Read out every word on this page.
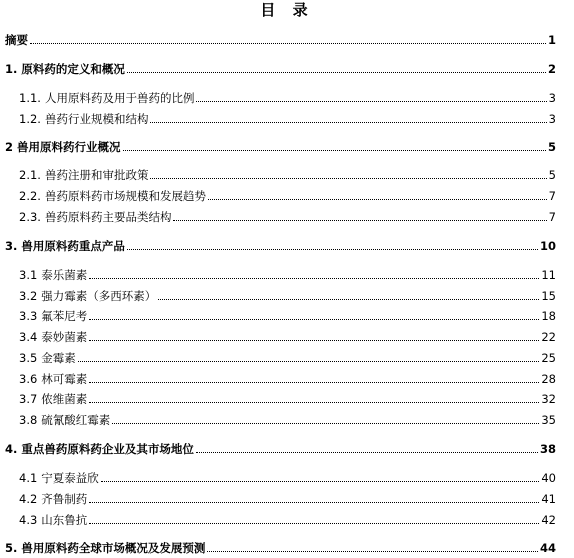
目 录
摘要	1
1. 原料药的定义和概况	2
1.1. 人用原料药及用于兽药的比例	3
1.2. 兽药行业规模和结构	3
2 兽用原料药行业概况	5
2.1. 兽药注册和审批政策	5
2.2. 兽药原料药市场规模和发展趋势	7
2.3. 兽药原料药主要品类结构	7
3. 兽用原料药重点产品	10
3.1 泰乐菌素	11
3.2 强力霉素（多西环素）	15
3.3 氟苯尼考	18
3.4 泰妙菌素	22
3.5 金霉素	25
3.6 林可霉素	28
3.7 侬维菌素	32
3.8 硫氰酸红霉素	35
4. 重点兽药原料药企业及其市场地位	38
4.1 宁夏泰益欣	40
4.2 齐鲁制药	41
4.3 山东鲁抗	42
5. 兽用原料药全球市场概况及发展预测	44
